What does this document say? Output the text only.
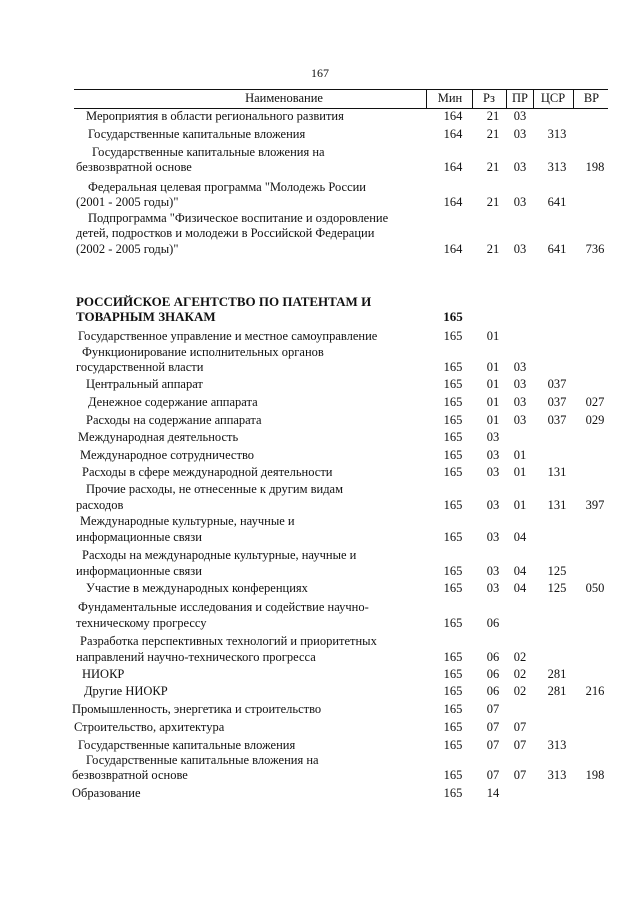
167
Наименование	Мин	Рз	ПР	ЦСР	ВР
Мероприятия в области регионального развития	164	21	03
Государственные капитальные вложения	164	21	03	313
Государственные капитальные вложения на
безвозвратной основе	164	21	03	313	198
Федеральная целевая программа "Молодежь России
(2001 - 2005 годы)"	164	21	03	641
Подпрограмма "Физическое воспитание и оздоровление
детей, подростков и молодежи в Российской Федерации
(2002 - 2005 годы)"	164	21	03	641	736
РОССИЙСКОЕ АГЕНТСТВО ПО ПАТЕНТАМ И
ТОВАРНЫМ ЗНАКАМ	165
Государственное управление и местное самоуправление	165	01
Функционирование исполнительных органов
государственной власти	165	01	03
Центральный аппарат	165	01	03	037
Денежное содержание аппарата	165	01	03	037	027
Расходы на содержание аппарата	165	01	03	037	029
Международная деятельность	165	03
Международное сотрудничество	165	03	01
Расходы в сфере международной деятельности	165	03	01	131
Прочие расходы, не отнесенные к другим видам
расходов	165	03	01	131	397
Международные культурные, научные и
информационные связи	165	03	04
Расходы на международные культурные, научные и
информационные связи	165	03	04	125
Участие в международных конференциях	165	03	04	125	050
Фундаментальные исследования и содействие научно-
техническому прогрессу	165	06
Разработка перспективных технологий и приоритетных
направлений научно-технического прогресса	165	06	02
НИОКР	165	06	02	281
Другие НИОКР	165	06	02	281	216
Промышленность, энергетика и строительство	165	07
Строительство, архитектура	165	07	07
Государственные капитальные вложения	165	07	07	313
Государственные капитальные вложения на
безвозвратной основе	165	07	07	313	198
Образование	165	14
